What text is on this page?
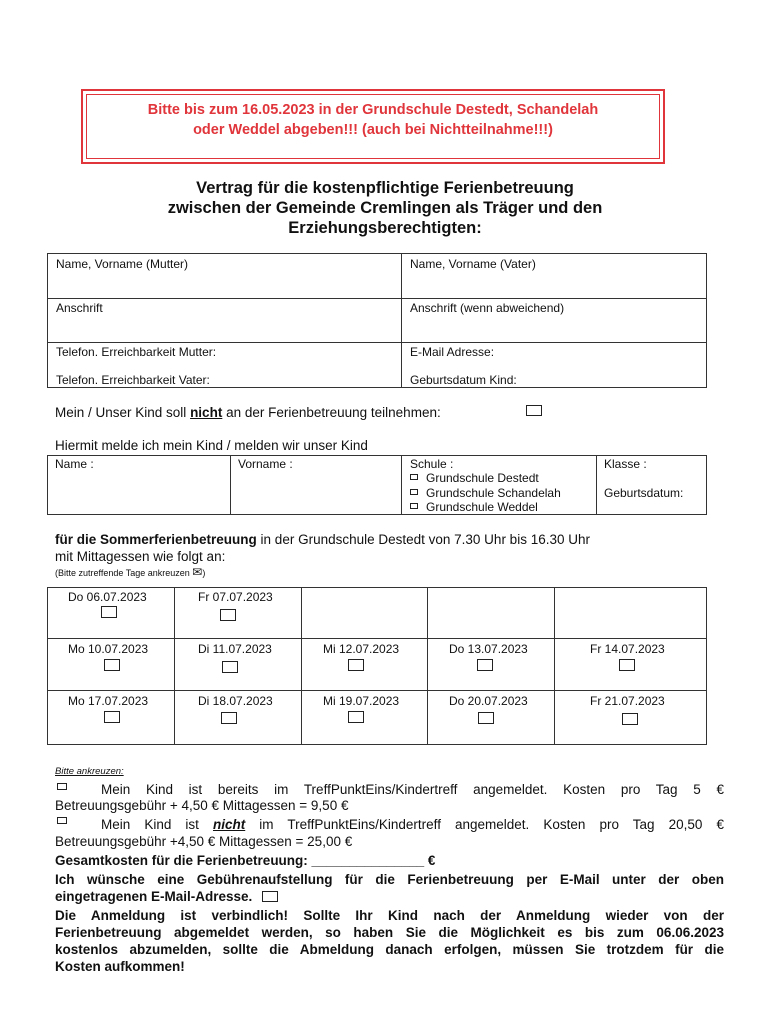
Bitte bis zum 16.05.2023 in der Grundschule Destedt, Schandelah
oder Weddel abgeben!!! (auch bei Nichtteilnahme!!!)
Vertrag für die kostenpflichtige Ferienbetreuung
zwischen der Gemeinde Cremlingen als Träger und den
Erziehungsberechtigten:
Name, Vorname (Mutter)	Name, Vorname (Vater)
Anschrift	Anschrift (wenn abweichend)
Telefon. Erreichbarkeit Mutter:	E-Mail Adresse:
Telefon. Erreichbarkeit Vater:	Geburtsdatum Kind:
Mein / Unser Kind soll nicht an der Ferienbetreuung teilnehmen:
Hiermit melde ich mein Kind / melden wir unser Kind
Name :	Vorname :	Schule :
Grundschule Destedt
Grundschule Schandelah
Grundschule Weddel
Klasse :
Geburtsdatum:
für die Sommerferienbetreuung in der Grundschule Destedt von 7.30 Uhr bis 16.30 Uhr
mit Mittagessen wie folgt an:
(Bitte zutreffende Tage ankreuzen ✉)
Do 06.07.2023	Fr 07.07.2023
Mo 10.07.2023	Di 11.07.2023	Mi 12.07.2023	Do 13.07.2023	Fr 14.07.2023
Mo 17.07.2023	Di 18.07.2023	Mi 19.07.2023	Do 20.07.2023	Fr 21.07.2023
Bitte ankreuzen:
Mein Kind ist bereits im TreffPunktEins/Kindertreff angemeldet. Kosten pro Tag 5 €
Betreuungsgebühr + 4,50 € Mittagessen = 9,50 €
Mein Kind ist nicht im TreffPunktEins/Kindertreff angemeldet. Kosten pro Tag 20,50 €
Betreuungsgebühr +4,50 € Mittagessen = 25,00 €
Gesamtkosten für die Ferienbetreuung: _______________ €
Ich wünsche eine Gebührenaufstellung für die Ferienbetreuung per E-Mail unter der oben
eingetragenen E-Mail-Adresse.
Die Anmeldung ist verbindlich! Sollte Ihr Kind nach der Anmeldung wieder von der
Ferienbetreuung abgemeldet werden, so haben Sie die Möglichkeit es bis zum 06.06.2023
kostenlos abzumelden, sollte die Abmeldung danach erfolgen, müssen Sie trotzdem für die
Kosten aufkommen!
